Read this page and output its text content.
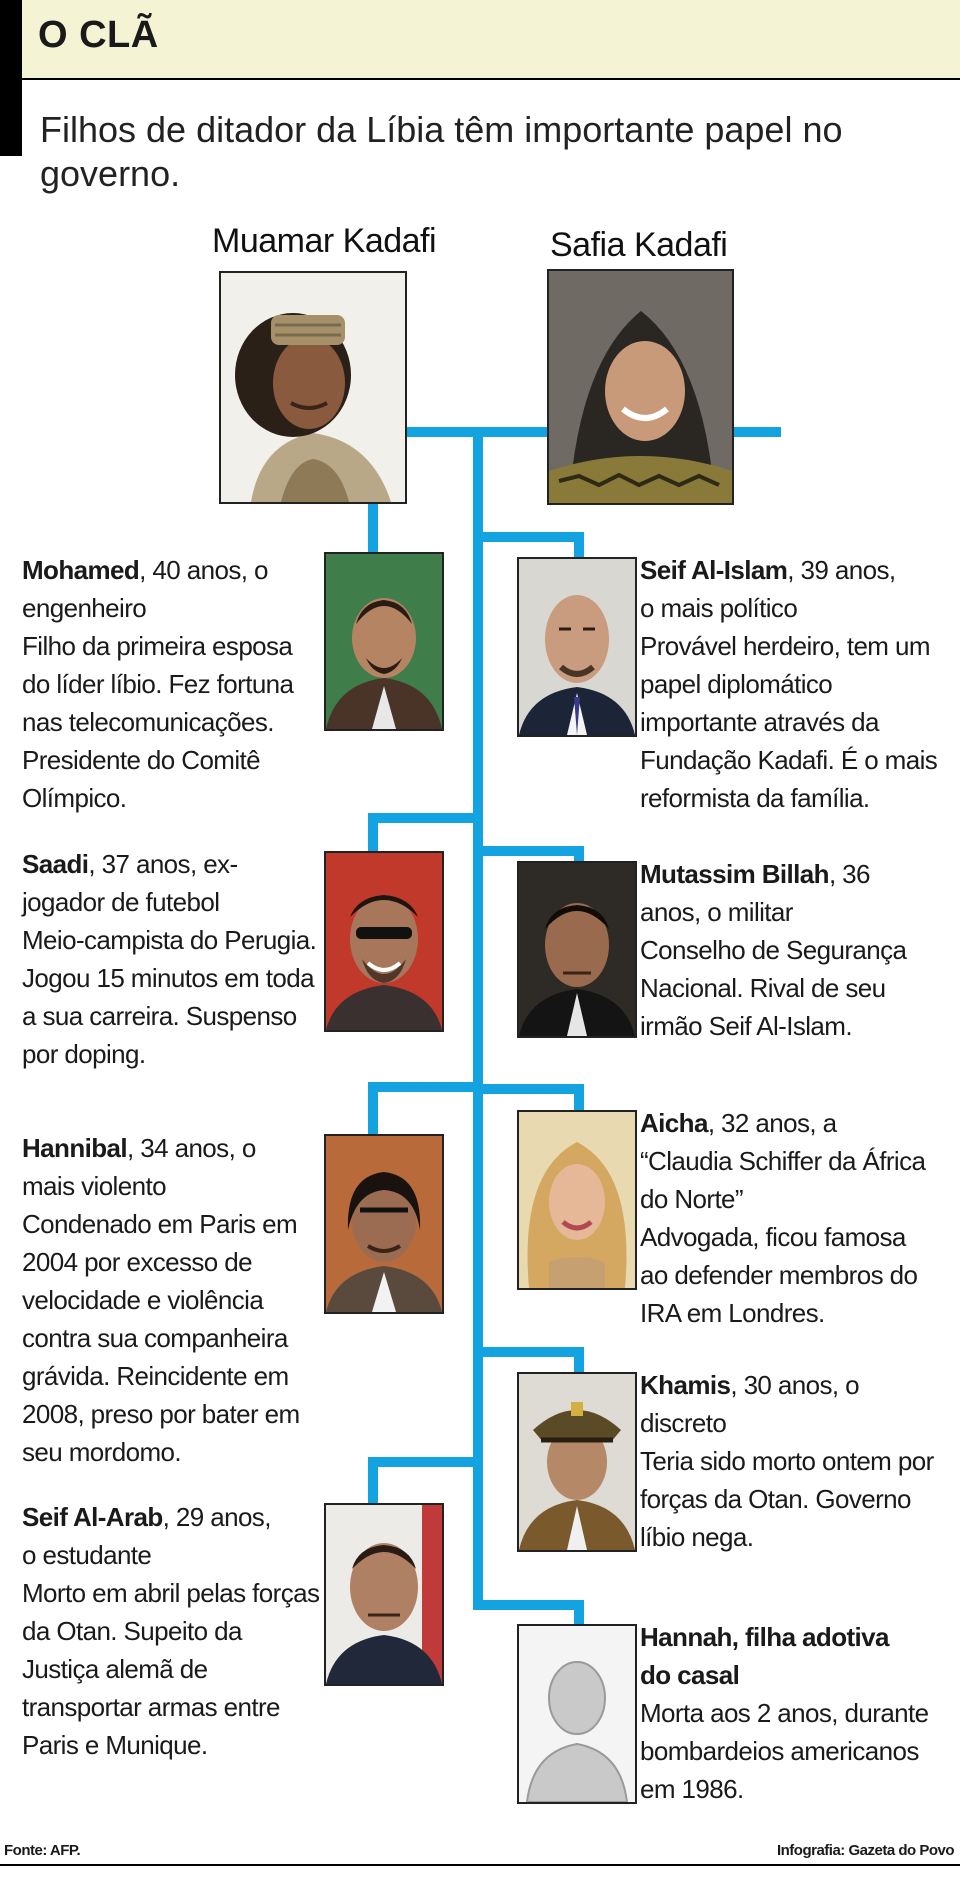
O CLÃ
Filhos de ditador da Líbia têm importante papel no governo.
Muamar Kadafi	Safia Kadafi
Mohamed, 40 anos, o
engenheiro
Filho da primeira esposa do líder líbio. Fez fortuna nas telecomunicações. Presidente do Comitê Olímpico.
Seif Al-Islam, 39 anos,
o mais político
Provável herdeiro, tem um papel diplomático importante através da Fundação Kadafi. É o mais reformista da família.
Saadi, 37 anos, ex-
jogador de futebol
Meio-campista do Perugia. Jogou 15 minutos em toda a sua carreira. Suspenso por doping.
Mutassim Billah, 36
anos, o militar
Conselho de Segurança Nacional. Rival de seu irmão Seif Al-Islam.
Hannibal, 34 anos, o
mais violento
Condenado em Paris em 2004 por excesso de velocidade e violência contra sua companheira grávida. Reincidente em 2008, preso por bater em seu mordomo.
Aicha, 32 anos, a
“Claudia Schiffer da África do Norte”
Advogada, ficou famosa ao defender membros do IRA em Londres.
Khamis, 30 anos, o
discreto
Teria sido morto ontem por forças da Otan. Governo líbio nega.
Seif Al-Arab, 29 anos,
o estudante
Morto em abril pelas forças da Otan. Supeito da Justiça alemã de transportar armas entre Paris e Munique.
Hannah, filha adotiva
do casal
Morta aos 2 anos, durante bombardeios americanos em 1986.
Fonte: AFP.	Infografia: Gazeta do Povo
